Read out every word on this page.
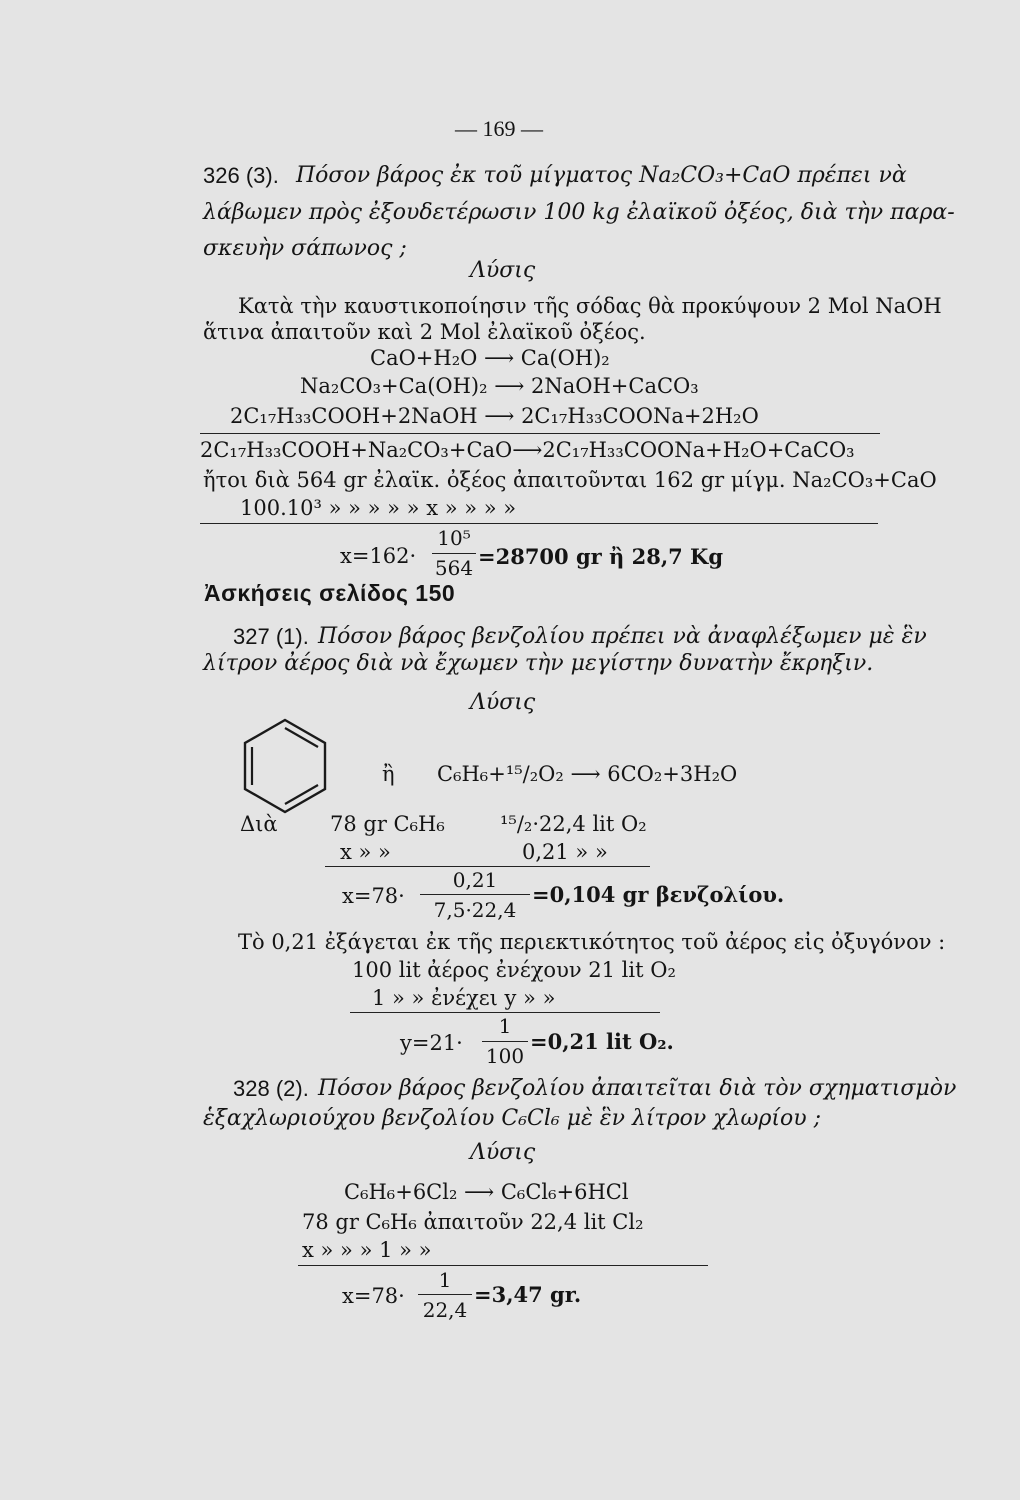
— 169 —
326 (3). Πόσον βάρος ἐκ τοῦ μίγματος Na₂CO₃+CaO πρέπει νὰ
λάβωμεν πρὸς ἐξουδετέρωσιν 100 kg ἐλαϊκοῦ ὀξέος, διὰ τὴν παρα-
σκευὴν σάπωνος ;
Λύσις
Κατὰ τὴν καυστικοποίησιν τῆς σόδας θὰ προκύψουν 2 Mol NaOH
ἅτινα ἀπαιτοῦν καὶ 2 Mol ἐλαϊκοῦ ὀξέος.
CaO+H₂O ⟶ Ca(OH)₂
Na₂CO₃+Ca(OH)₂ ⟶ 2NaOH+CaCO₃
2C₁₇H₃₃COOH+2NaOH ⟶ 2C₁₇H₃₃COONa+2H₂O
2C₁₇H₃₃COOH+Na₂CO₃+CaO⟶2C₁₇H₃₃COONa+H₂O+CaCO₃
ἤτοι διὰ 564 gr ἐλαϊκ. ὀξέος ἀπαιτοῦνται 162 gr μίγμ. Na₂CO₃+CaO
100.10³ » » » » » x » » » »
x=162·
10⁵
564 =28700 gr ἢ 28,7 Kg
Ἀσκήσεις σελίδος 150
327 (1). Πόσον βάρος βενζολίου πρέπει νὰ ἀναφλέξωμεν μὲ ἓν
λίτρον ἀέρος διὰ νὰ ἔχωμεν τὴν μεγίστην δυνατὴν ἔκρηξιν.
Λύσις
ἢ C₆H₆+¹⁵/₂O₂ ⟶ 6CO₂+3H₂O
Διὰ 78 gr C₆H₆	¹⁵/₂·22,4 lit O₂
x » »	0,21 » »
x=78·
0,21
7,5·22,4
=0,104 gr βενζολίου.
Τὸ 0,21 ἐξάγεται ἐκ τῆς περιεκτικότητος τοῦ ἀέρος εἰς ὀξυγόνον :
100 lit ἀέρος ἐνέχουν 21 lit O₂
1 » » ἐνέχει y » »
y=21·
1
100
=0,21 lit O₂.
328 (2). Πόσον βάρος βενζολίου ἀπαιτεῖται διὰ τὸν σχηματισμὸν
ἑξαχλωριούχου βενζολίου C₆Cl₆ μὲ ἓν λίτρον χλωρίου ;
Λύσις
C₆H₆+6Cl₂ ⟶ C₆Cl₆+6HCl
78 gr C₆H₆ ἀπαιτοῦν 22,4 lit Cl₂
x » » » 1 » »
x=78·
1
22,4
=3,47 gr.
